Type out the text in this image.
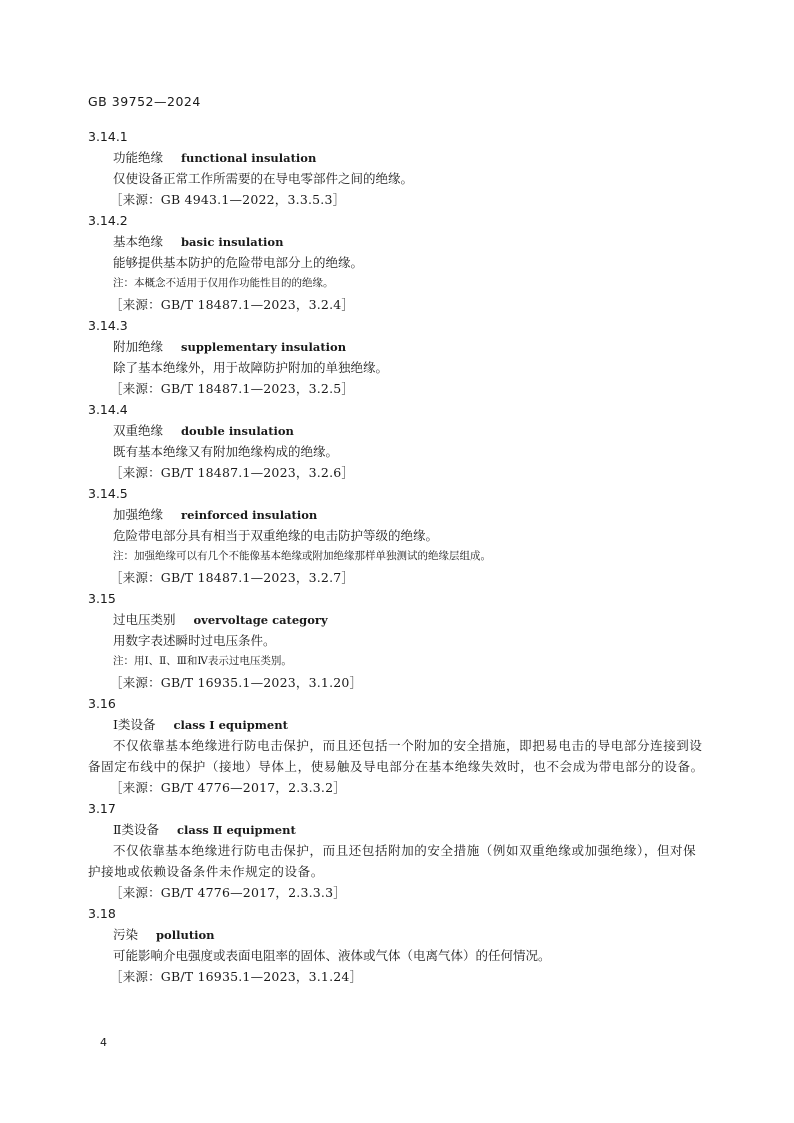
GB 39752—2024
3.14.1
功能绝缘 functional insulation
仅使设备正常工作所需要的在导电零部件之间的绝缘。
［来源：GB 4943.1—2022，3.3.5.3］
3.14.2
基本绝缘 basic insulation
能够提供基本防护的危险带电部分上的绝缘。
注：本概念不适用于仅用作功能性目的的绝缘。
［来源：GB/T 18487.1—2023，3.2.4］
3.14.3
附加绝缘 supplementary insulation
除了基本绝缘外，用于故障防护附加的单独绝缘。
［来源：GB/T 18487.1—2023，3.2.5］
3.14.4
双重绝缘 double insulation
既有基本绝缘又有附加绝缘构成的绝缘。
［来源：GB/T 18487.1—2023，3.2.6］
3.14.5
加强绝缘 reinforced insulation
危险带电部分具有相当于双重绝缘的电击防护等级的绝缘。
注：加强绝缘可以有几个不能像基本绝缘或附加绝缘那样单独测试的绝缘层组成。
［来源：GB/T 18487.1—2023，3.2.7］
3.15
过电压类别 overvoltage category
用数字表述瞬时过电压条件。
注：用Ⅰ、Ⅱ、Ⅲ和Ⅳ表示过电压类别。
［来源：GB/T 16935.1—2023，3.1.20］
3.16
Ⅰ类设备 class Ⅰ equipment
不仅依靠基本绝缘进行防电击保护，而且还包括一个附加的安全措施，即把易电击的导电部分连接到设备固定布线中的保护（接地）导体上，使易触及导电部分在基本绝缘失效时，也不会成为带电部分的设备。
［来源：GB/T 4776—2017，2.3.3.2］
3.17
Ⅱ类设备 class Ⅱ equipment
不仅依靠基本绝缘进行防电击保护，而且还包括附加的安全措施（例如双重绝缘或加强绝缘），但对保护接地或依赖设备条件未作规定的设备。
［来源：GB/T 4776—2017，2.3.3.3］
3.18
污染 pollution
可能影响介电强度或表面电阻率的固体、液体或气体（电离气体）的任何情况。
［来源：GB/T 16935.1—2023，3.1.24］
4
